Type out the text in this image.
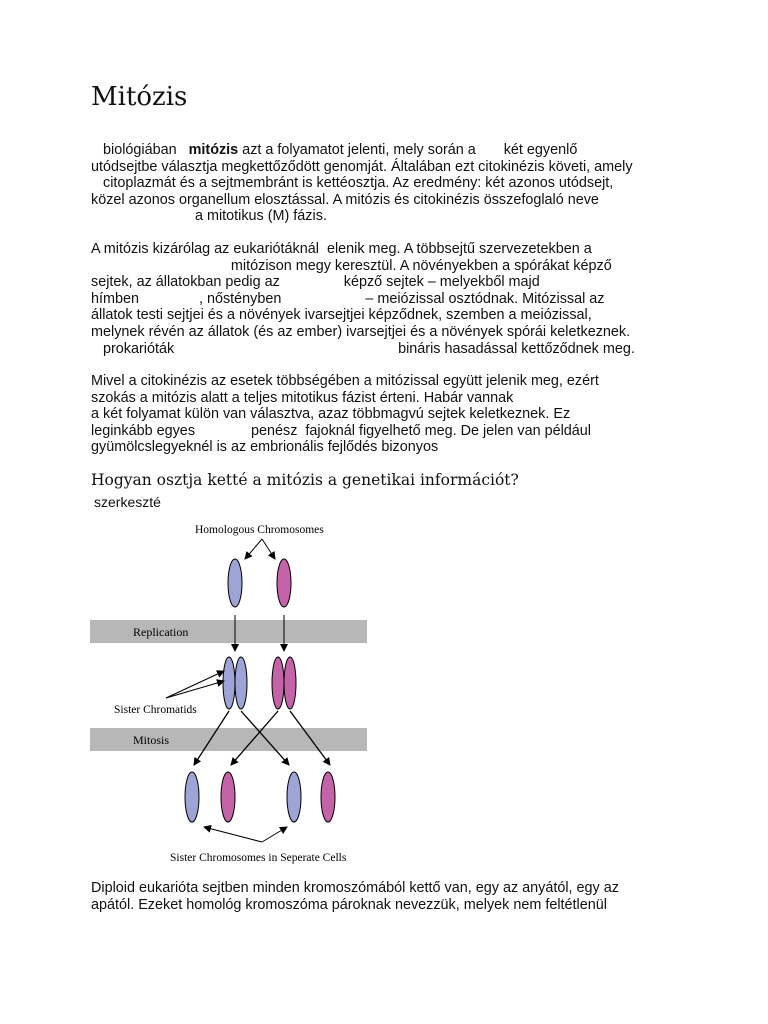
Mitózis
biológiában   mitózis azt a folyamatot jelenti, mely során a       két egyenlő
utódsejtbe választja megkettőződött genomját. Általában ezt citokinézis követi, amely
citoplazmát és a sejtmembránt is kettéosztja. Az eredmény: két azonos utódsejt,
közel azonos organellum elosztással. A mitózis és citokinézis összefoglaló neve
a mitotikus (M) fázis.
A mitózis kizárólag az eukariótáknál  elenik meg. A többsejtű szervezetekben a
mitózison megy keresztül. A növényekben a spórákat képző
sejtek, az állatokban pedig az                képző sejtek – melyekből majd
hímben               , nőstényben                     – meiózissal osztódnak. Mitózissal az
állatok testi sejtjei és a növények ivarsejtjei képződnek, szemben a meiózissal,
melynek révén az állatok (és az ember) ivarsejtjei és a növények spórái keletkeznek.
prokarióták                                                        bináris hasadással kettőződnek meg.
Mivel a citokinézis az esetek többségében a mitózissal együtt jelenik meg, ezért
szokás a mitózis alatt a teljes mitotikus fázist érteni. Habár vannak
a két folyamat külön van választva, azaz többmagvú sejtek keletkeznek. Ez
leginkább egyes              penész  fajoknál figyelhető meg. De jelen van például
gyümölcslegyeknél is az embrionális fejlődés bizonyos
Hogyan osztja ketté a mitózis a genetikai információt?
szerkeszté
Homologous Chromosomes
Replication
Sister Chromatids
Mitosis
Sister Chromosomes in Seperate Cells
Diploid eukarióta sejtben minden kromoszómából kettő van, egy az anyától, egy az
apától. Ezeket homológ kromoszóma pároknak nevezzük, melyek nem feltétlenül
